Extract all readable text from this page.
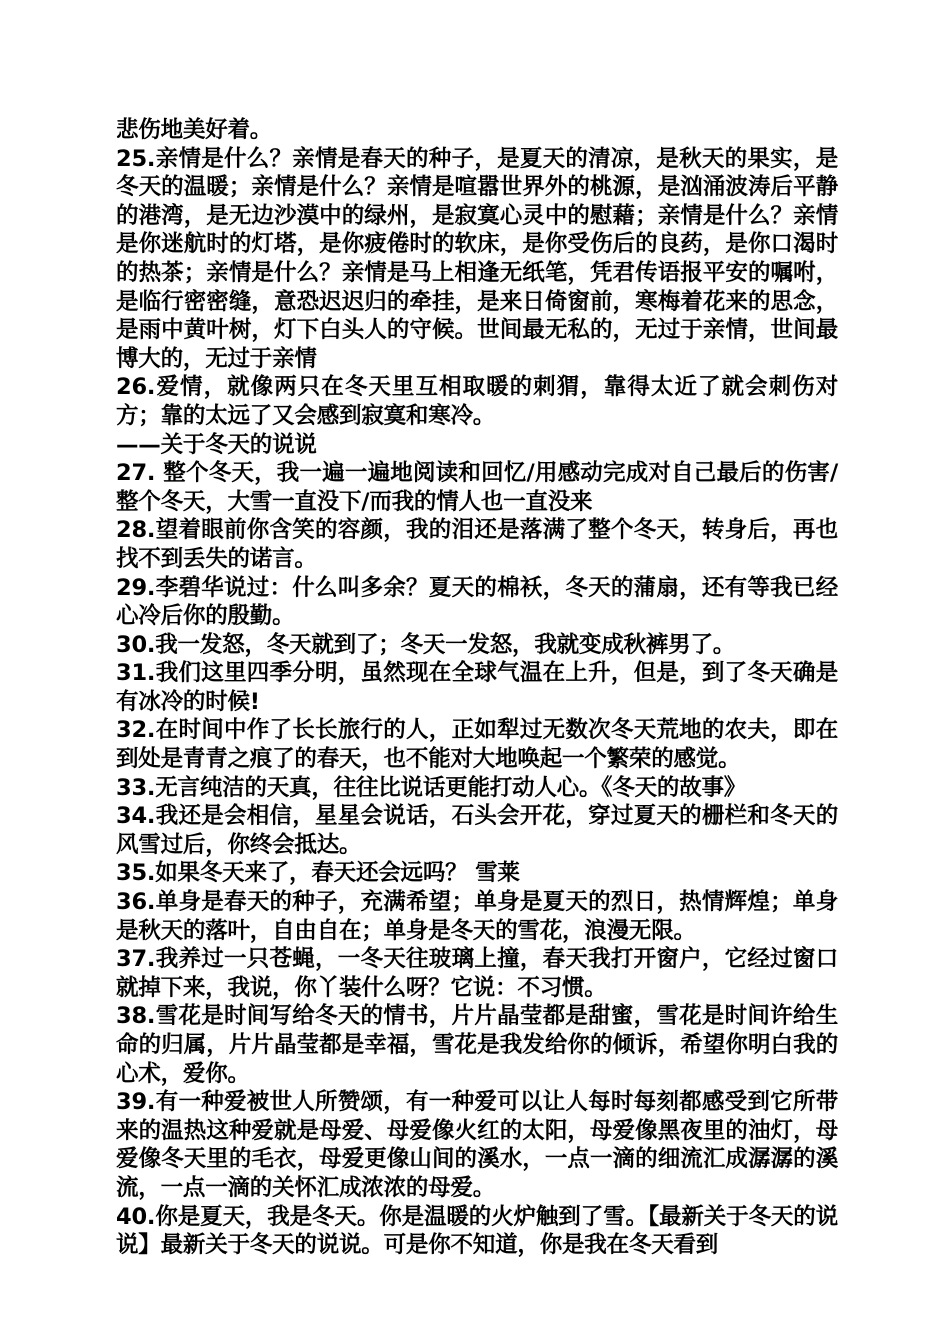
悲伤地美好着。

25.亲情是什么？亲情是春天的种子，是夏天的清凉，是秋天的果实，是冬天的温暖；亲情是什么？亲情是喧嚣世界外的桃源，是汹涌波涛后平静的港湾，是无边沙漠中的绿州，是寂寞心灵中的慰藉；亲情是什么？亲情是你迷航时的灯塔，是你疲倦时的软床，是你受伤后的良药，是你口渴时的热茶；亲情是什么？亲情是马上相逢无纸笔，凭君传语报平安的嘱咐，是临行密密缝，意恐迟迟归的牵挂，是来日倚窗前，寒梅着花来的思念，是雨中黄叶树，灯下白头人的守候。世间最无私的，无过于亲情，世间最博大的，无过于亲情

26.爱情，就像两只在冬天里互相取暖的刺猬，靠得太近了就会刺伤对方；靠的太远了又会感到寂寞和寒冷。

——关于冬天的说说

27. 整个冬天，我一遍一遍地阅读和回忆/用感动完成对自己最后的伤害/整个冬天，大雪一直没下/而我的情人也一直没来

28.望着眼前你含笑的容颜，我的泪还是落满了整个冬天，转身后，再也找不到丢失的诺言。

29.李碧华说过：什么叫多余？夏天的棉袄，冬天的蒲扇，还有等我已经心冷后你的殷勤。

30.我一发怒，冬天就到了；冬天一发怒，我就变成秋裤男了。

31.我们这里四季分明，虽然现在全球气温在上升，但是，到了冬天确是有冰冷的时候!

32.在时间中作了长长旅行的人，正如犁过无数次冬天荒地的农夫，即在到处是青青之痕了的春天，也不能对大地唤起一个繁荣的感觉。

33.无言纯洁的天真，往往比说话更能打动人心。《冬天的故事》

34.我还是会相信，星星会说话，石头会开花，穿过夏天的栅栏和冬天的风雪过后，你终会抵达。

35.如果冬天来了，春天还会远吗？ 雪莱

36.单身是春天的种子，充满希望；单身是夏天的烈日，热情辉煌；单身是秋天的落叶，自由自在；单身是冬天的雪花，浪漫无限。

37.我养过一只苍蝇，一冬天往玻璃上撞，春天我打开窗户，它经过窗口就掉下来，我说，你丫装什么呀？它说：不习惯。

38.雪花是时间写给冬天的情书，片片晶莹都是甜蜜，雪花是时间许给生命的归属，片片晶莹都是幸福，雪花是我发给你的倾诉，希望你明白我的心术，爱你。

39.有一种爱被世人所赞颂，有一种爱可以让人每时每刻都感受到它所带来的温热这种爱就是母爱、母爱像火红的太阳，母爱像黑夜里的油灯，母爱像冬天里的毛衣，母爱更像山间的溪水，一点一滴的细流汇成潺潺的溪流，一点一滴的关怀汇成浓浓的母爱。

40.你是夏天，我是冬天。你是温暖的火炉触到了雪。【最新关于冬天的说说】最新关于冬天的说说。可是你不知道，你是我在冬天看到
